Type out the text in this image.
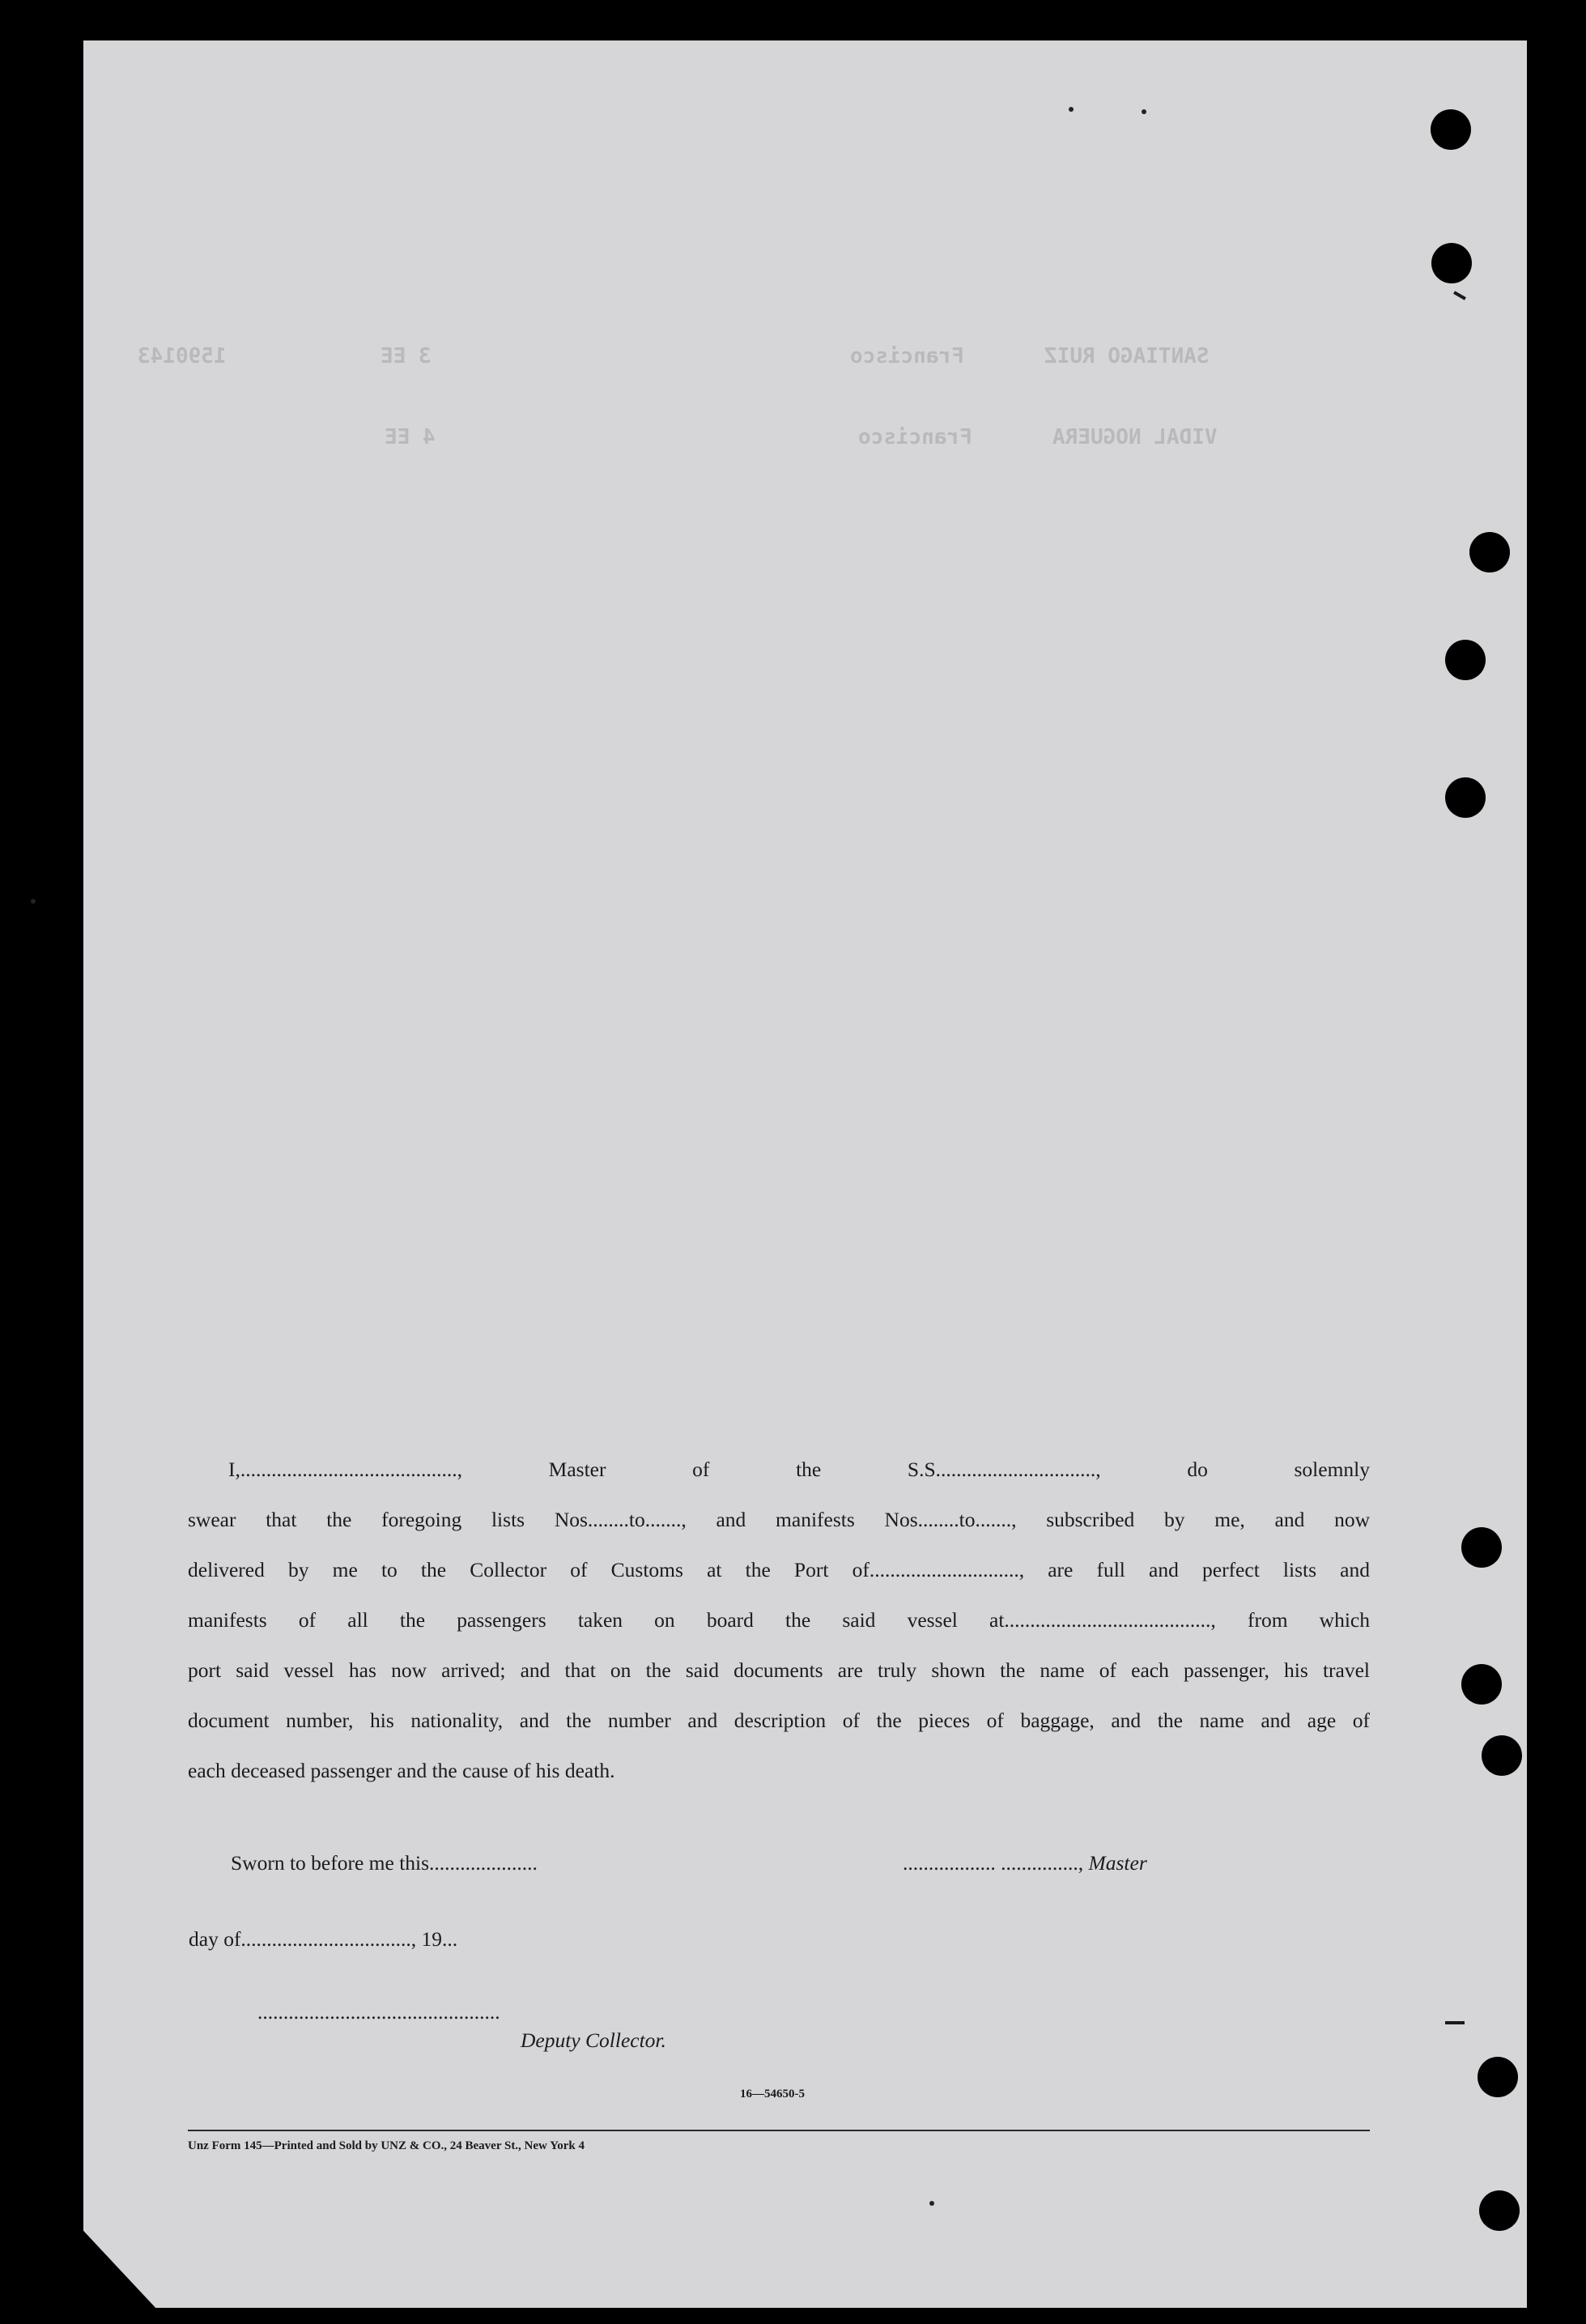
SANTIAGO RUIZ
Francisco
3 EE
1590143
VIDAL NOGUERA
Francisco
4 EE
I,.........................................., Master of the S.S..............................., do solemnly
swear that the foregoing lists Nos........to......., and manifests Nos........to......., subscribed by me, and now
delivered by me to the Collector of Customs at the Port of............................., are full and perfect lists and
manifests of all the passengers taken on board the said vessel at........................................, from which
port said vessel has now arrived; and that on the said documents are truly shown the name of each passenger, his travel
document number, his nationality, and the number and description of the pieces of baggage, and the name and age of
each deceased passenger and the cause of his death.
Sworn to before me this.....................	.................. ..............., Master
day of................................., 19...
...............................................
Deputy Collector.
16—54650-5
Unz Form 145—Printed and Sold by UNZ & CO., 24 Beaver St., New York 4
